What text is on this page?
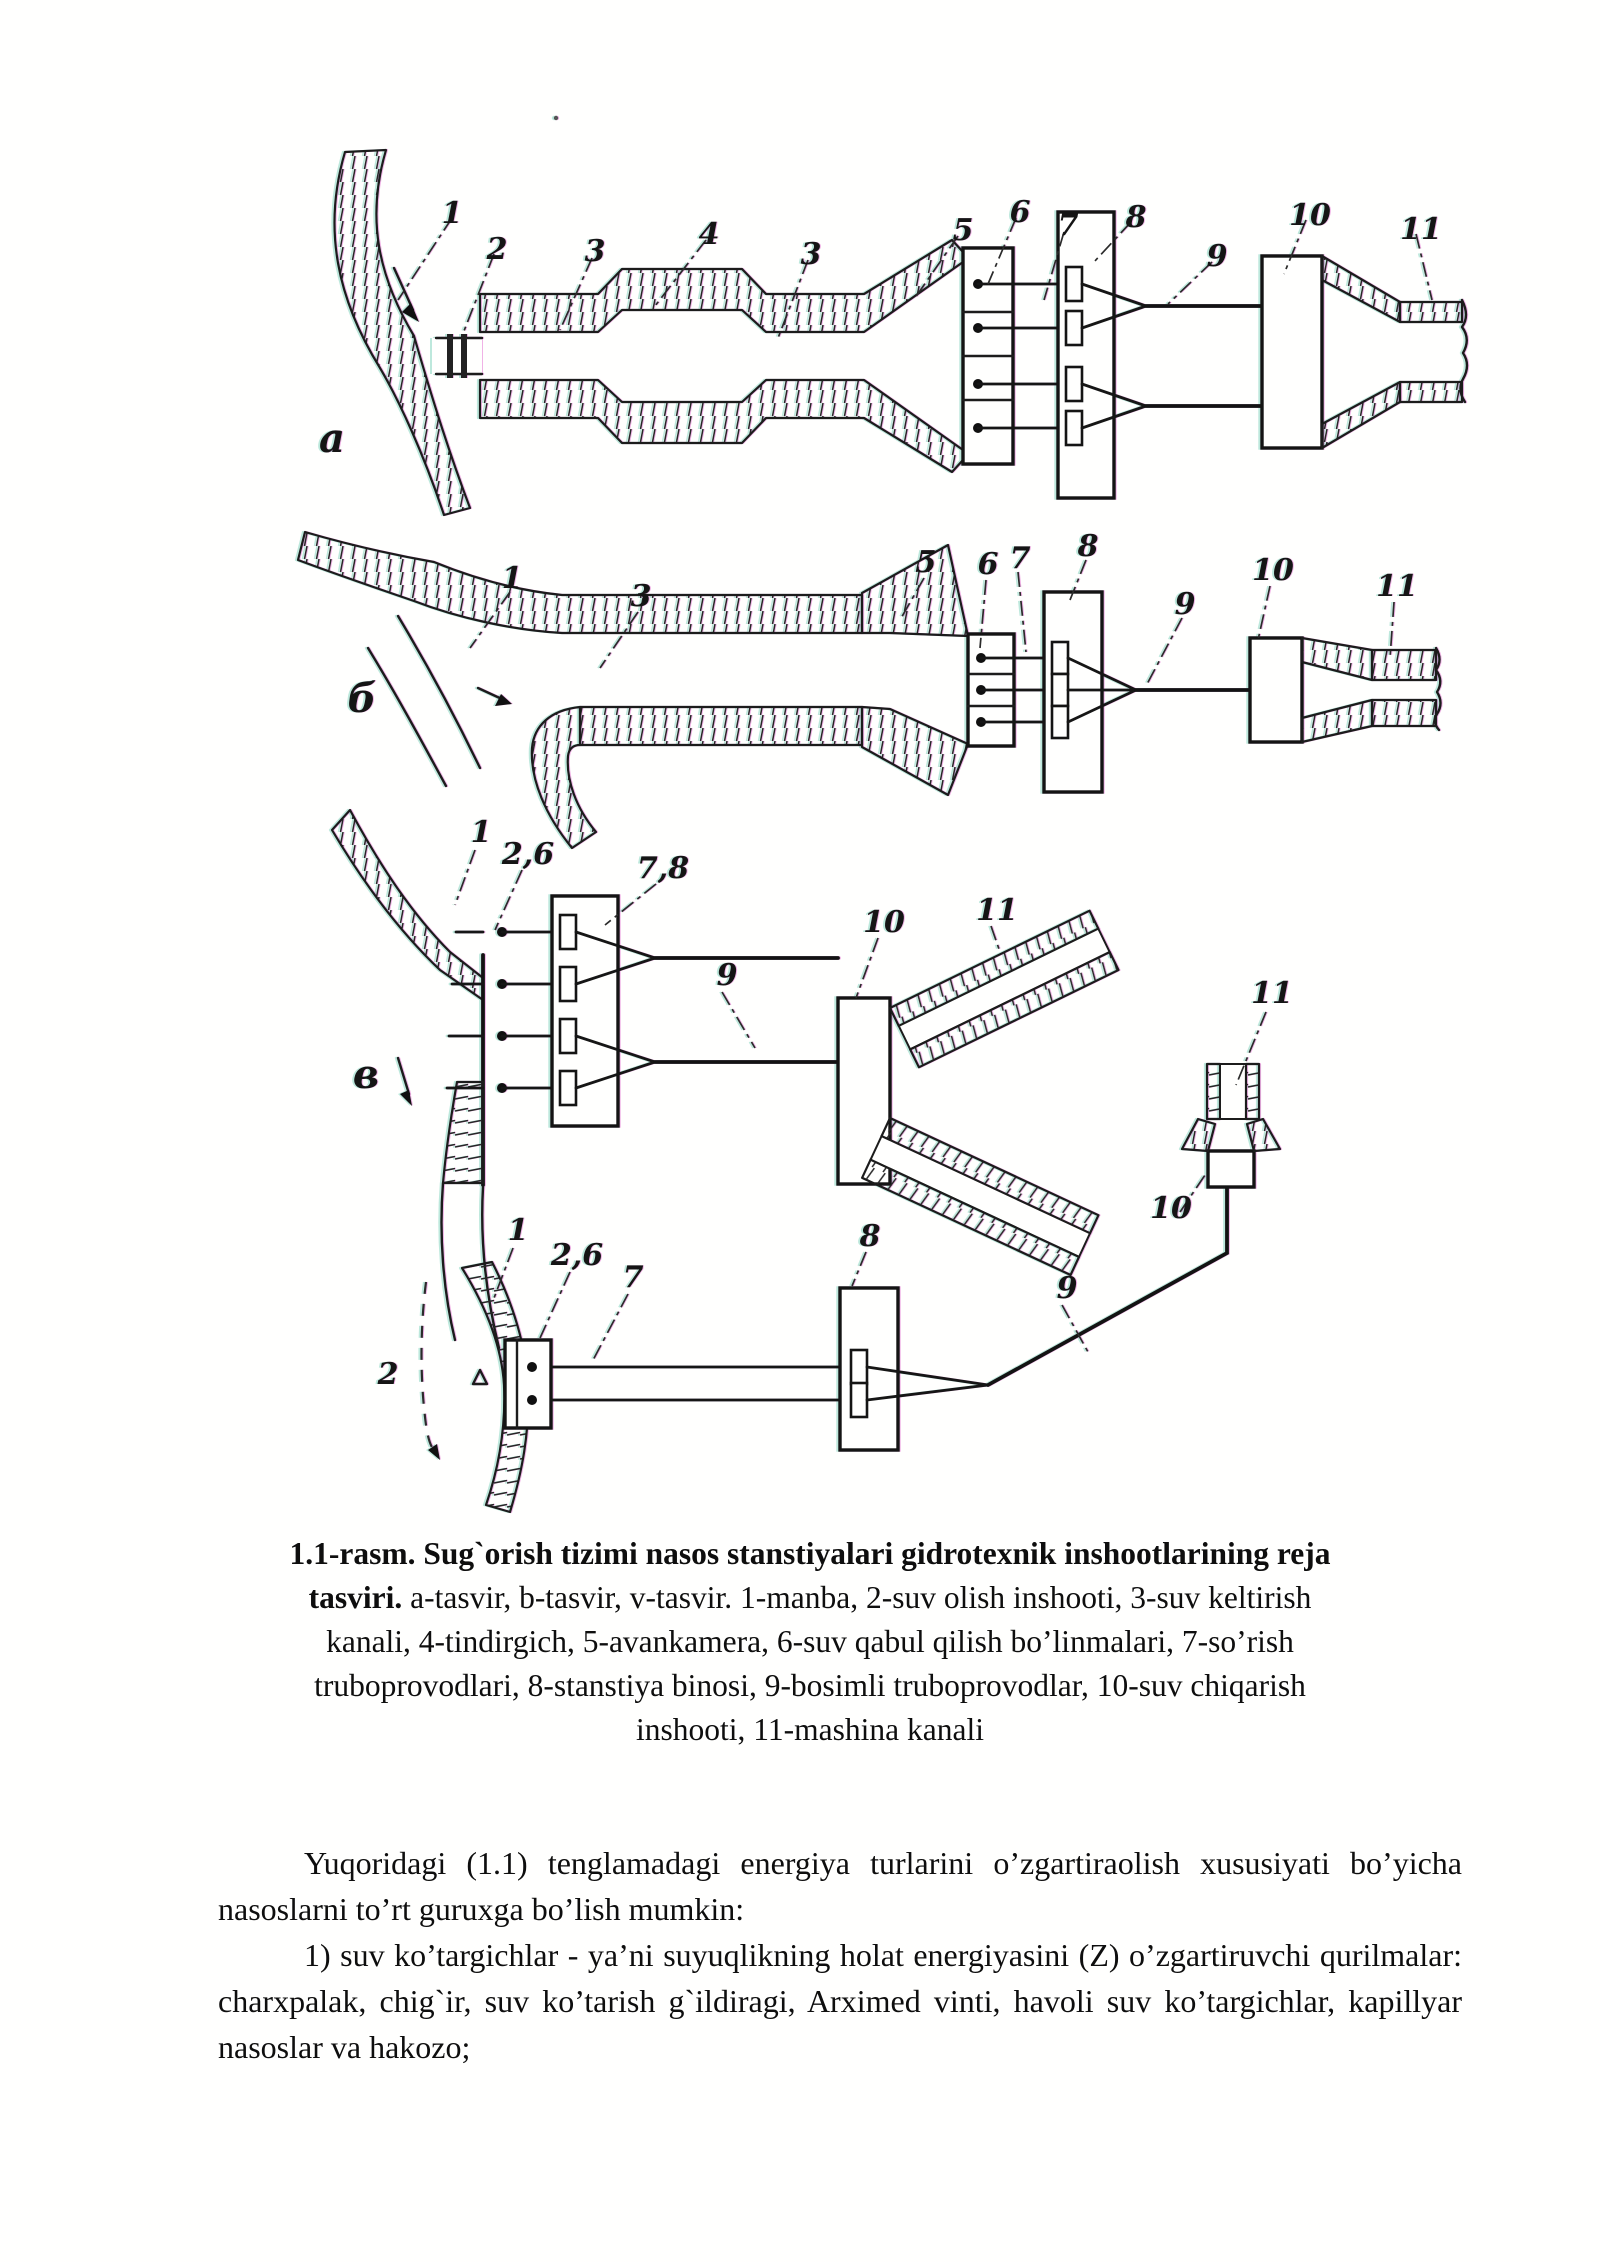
1
2	3	4
3
5
6 7 8
9
10 11
a
1
3
5 6 7 8
9
10	11
б
1
2,6	7,8
9
10 11
в
1
2,6
7
8
9
10
11
2
1.1-rasm. Sug`orish tizimi nasos stanstiyalari gidrotexnik inshootlarining reja
tasviri. a-tasvir, b-tasvir, v-tasvir. 1-manba, 2-suv olish inshooti, 3-suv keltirish
kanali, 4-tindirgich, 5-avankamera, 6-suv qabul qilish bo’linmalari, 7-so’rish
truboprovodlari, 8-stanstiya binosi, 9-bosimli truboprovodlar, 10-suv chiqarish
inshooti, 11-mashina kanali

Yuqoridagi (1.1) tenglamadagi energiya turlarini o’zgartiraolish xususiyati bo’yicha nasoslarni to’rt guruxga bo’lish mumkin:

1) suv ko’targichlar - ya’ni suyuqlikning holat energiyasini (Z) o’zgartiruvchi qurilmalar: charxpalak, chig`ir, suv ko’tarish g`ildiragi, Arximed vinti, havoli suv ko’targichlar, kapillyar nasoslar va hakozo;
